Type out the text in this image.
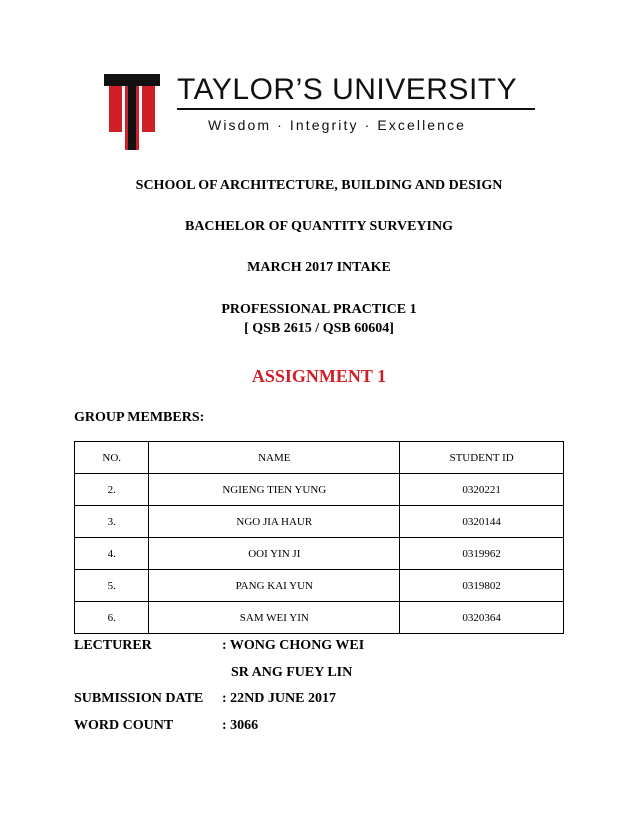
TAYLOR’S UNIVERSITY
Wisdom · Integrity · Excellence
SCHOOL OF ARCHITECTURE, BUILDING AND DESIGN
BACHELOR OF QUANTITY SURVEYING
MARCH 2017 INTAKE
PROFESSIONAL PRACTICE 1
[ QSB 2615 / QSB 60604]
ASSIGNMENT 1
GROUP MEMBERS:
NO.	NAME	STUDENT ID
2.	NGIENG TIEN YUNG	0320221
3.	NGO JIA HAUR	0320144
4.	OOI YIN JI	0319962
5.	PANG KAI YUN	0319802
6.	SAM WEI YIN	0320364
LECTURER	: WONG CHONG WEI
SR ANG FUEY LIN
SUBMISSION DATE : 22ND JUNE 2017
WORD COUNT	: 3066
